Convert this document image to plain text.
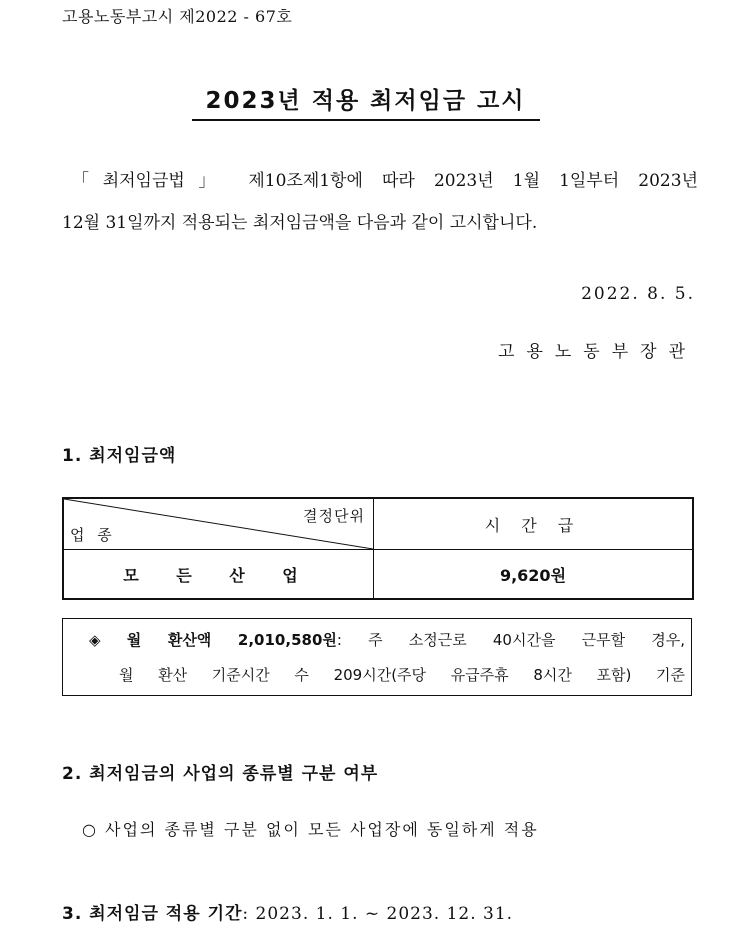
고용노동부고시 제2022 - 67호
2023년 적용 최저임금 고시
「최저임금법」 제10조제1항에 따라 2023년 1월 1일부터 2023년
12월 31일까지 적용되는 최저임금액을 다음과 같이 고시합니다.
2022. 8. 5.
고용노동부장관
1. 최저임금액
결정단위
업 종	시 간 급
모 든 산 업	9,620원
◈ 월 환산액 2,010,580원: 주 소정근로 40시간을 근무할 경우,
월 환산 기준시간 수 209시간(주당 유급주휴 8시간 포함) 기준
2. 최저임금의 사업의 종류별 구분 여부
○ 사업의 종류별 구분 없이 모든 사업장에 동일하게 적용
3. 최저임금 적용 기간: 2023. 1. 1. ~ 2023. 12. 31.
